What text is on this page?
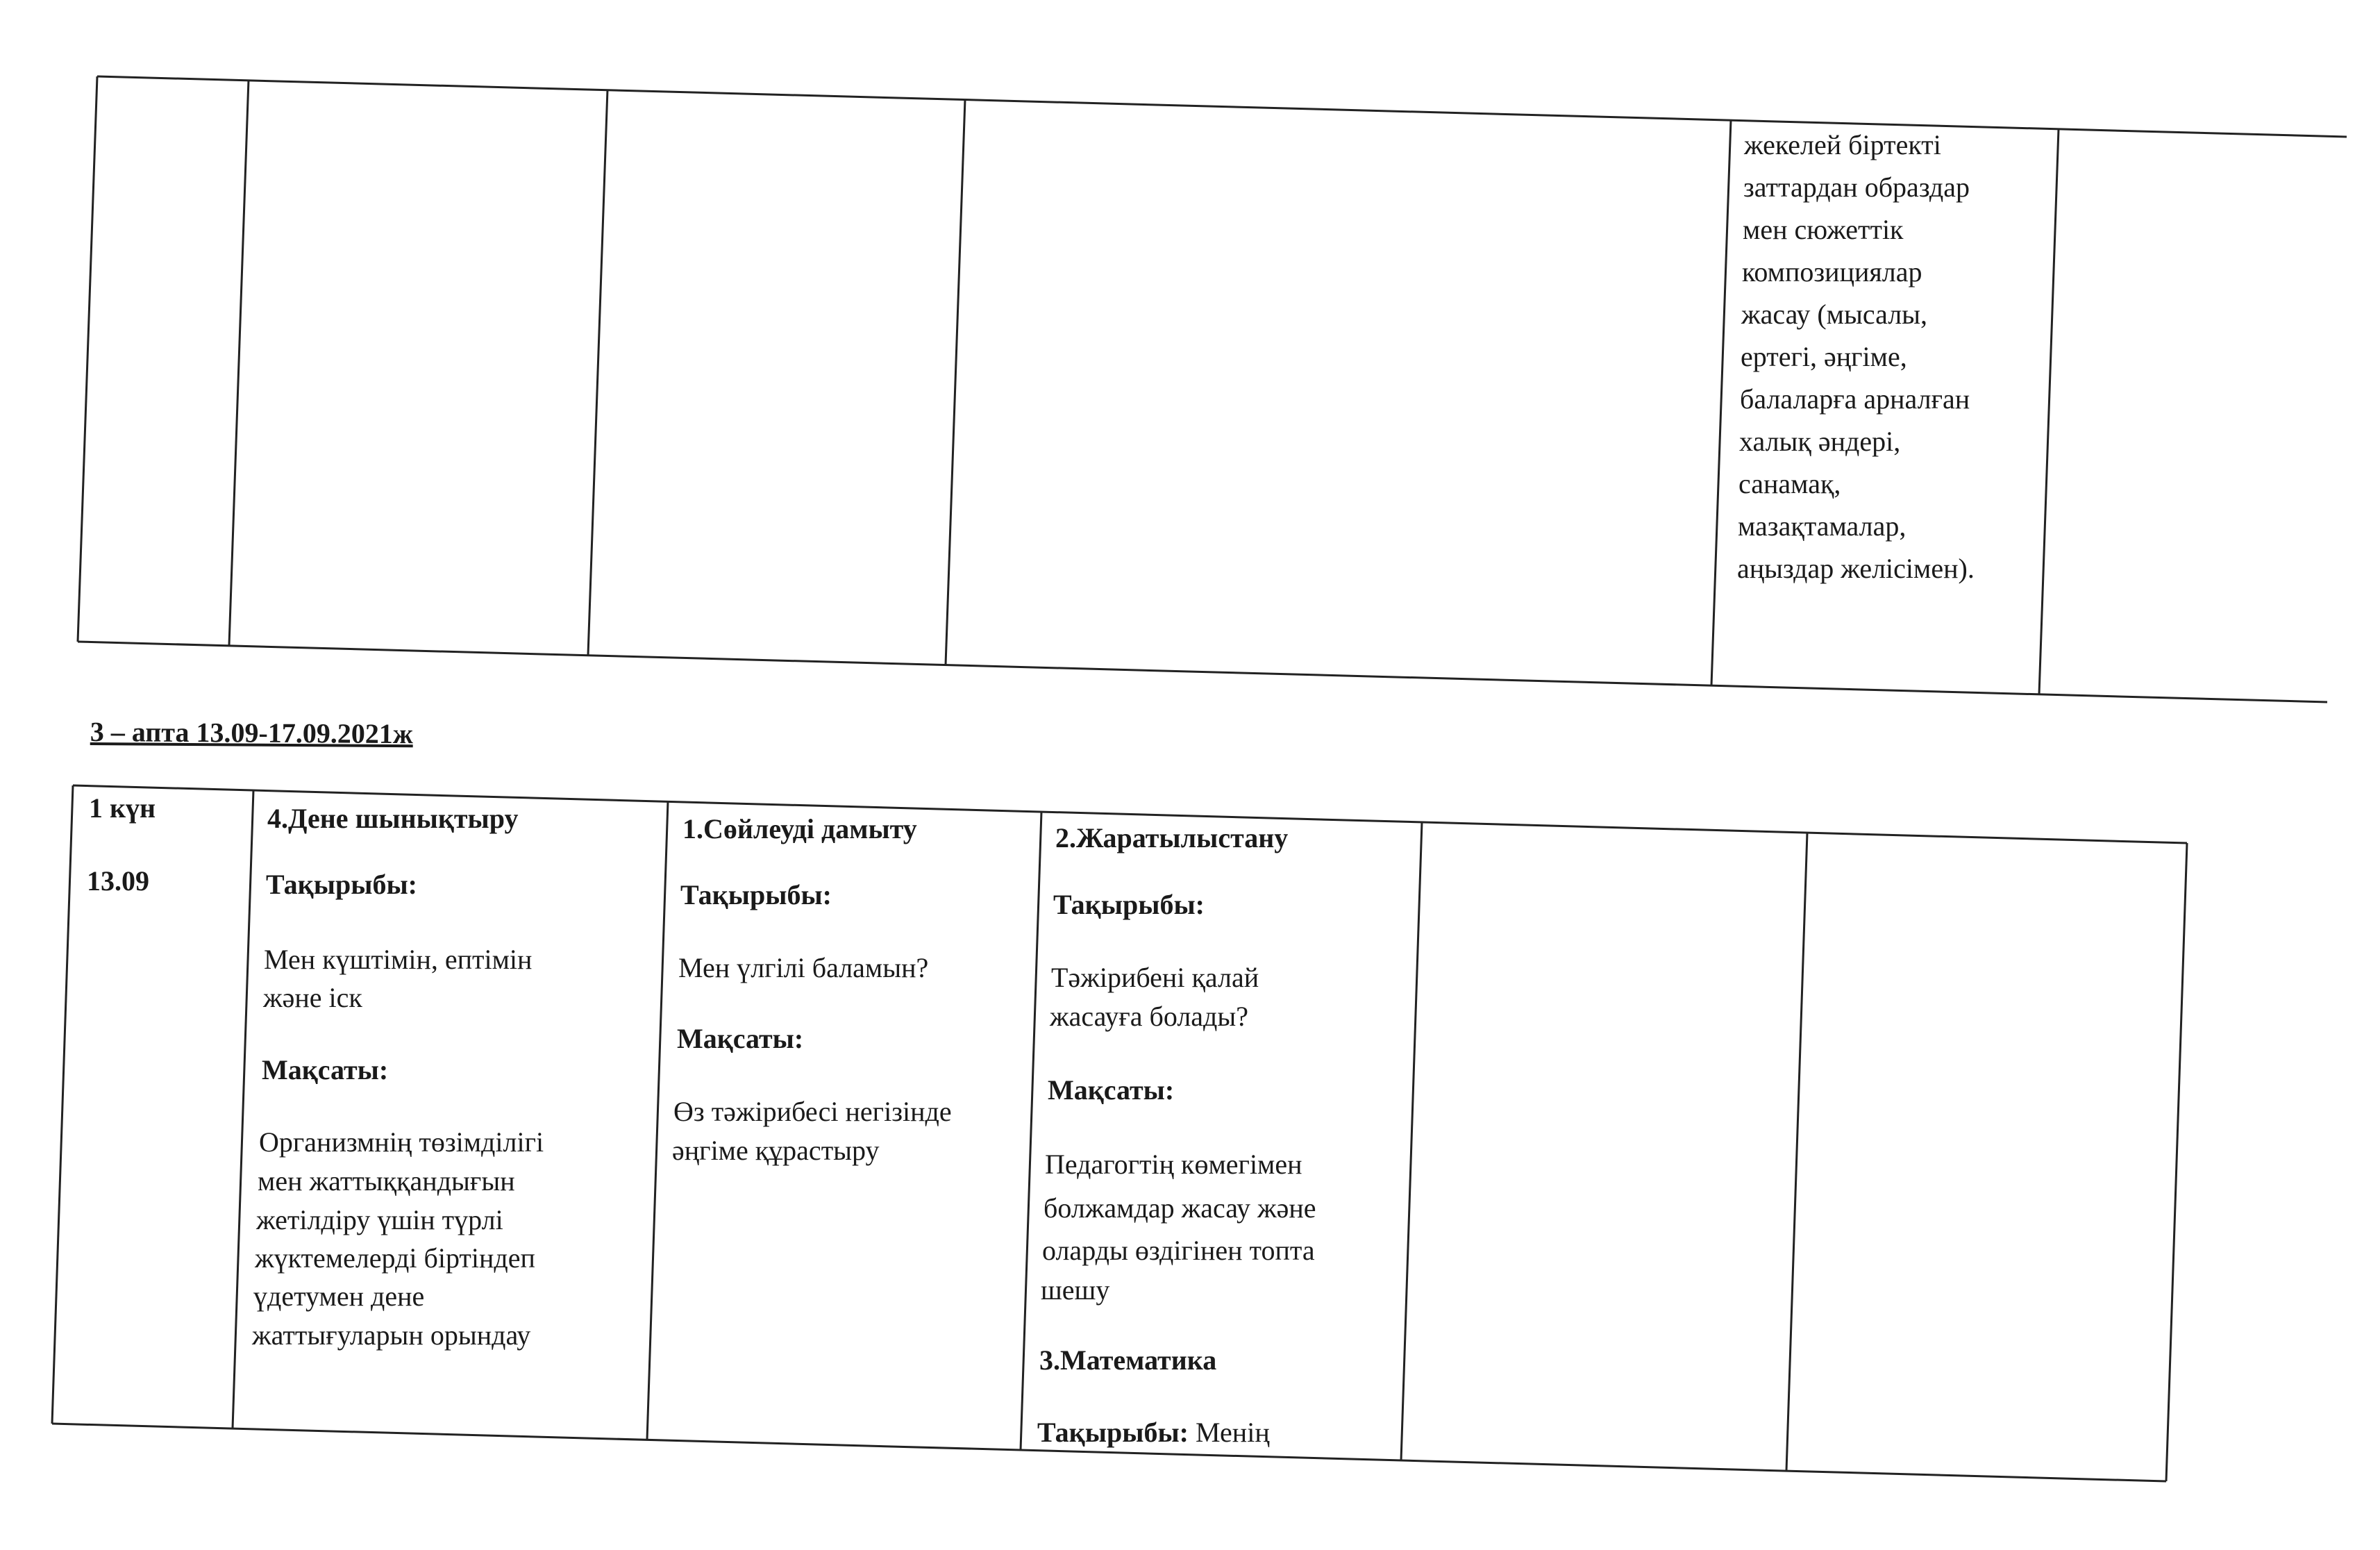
жекелей біртекті
заттардан образдар
мен сюжеттік
композициялар
жасау (мысалы,
ертегі, әңгіме,
балаларға арналған
халық әндері,
санамақ,
мазақтамалар,
аңыздар желісімен).
3 – апта 13.09-17.09.2021ж
1 күн
13.09
4.Дене шынықтыру
Тақырыбы:
Мен күштімін, ептімін
және іск
Мақсаты:
Организмнің төзімділігі
мен жаттыққандығын
жетілдіру үшін түрлі
жүктемелерді біртіндеп
үдетумен дене
жаттығуларын орындау
1.Сөйлеуді дамыту
Тақырыбы:
Мен үлгілі баламын?
Мақсаты:
Өз тәжірибесі негізінде
әңгіме құрастыру
2.Жаратылыстану
Тақырыбы:
Тәжірибені қалай
жасауға болады?
Мақсаты:
Педагогтің көмегімен
болжамдар жасау және
оларды өздігінен топта
шешу
3.Математика
Тақырыбы: Менің
